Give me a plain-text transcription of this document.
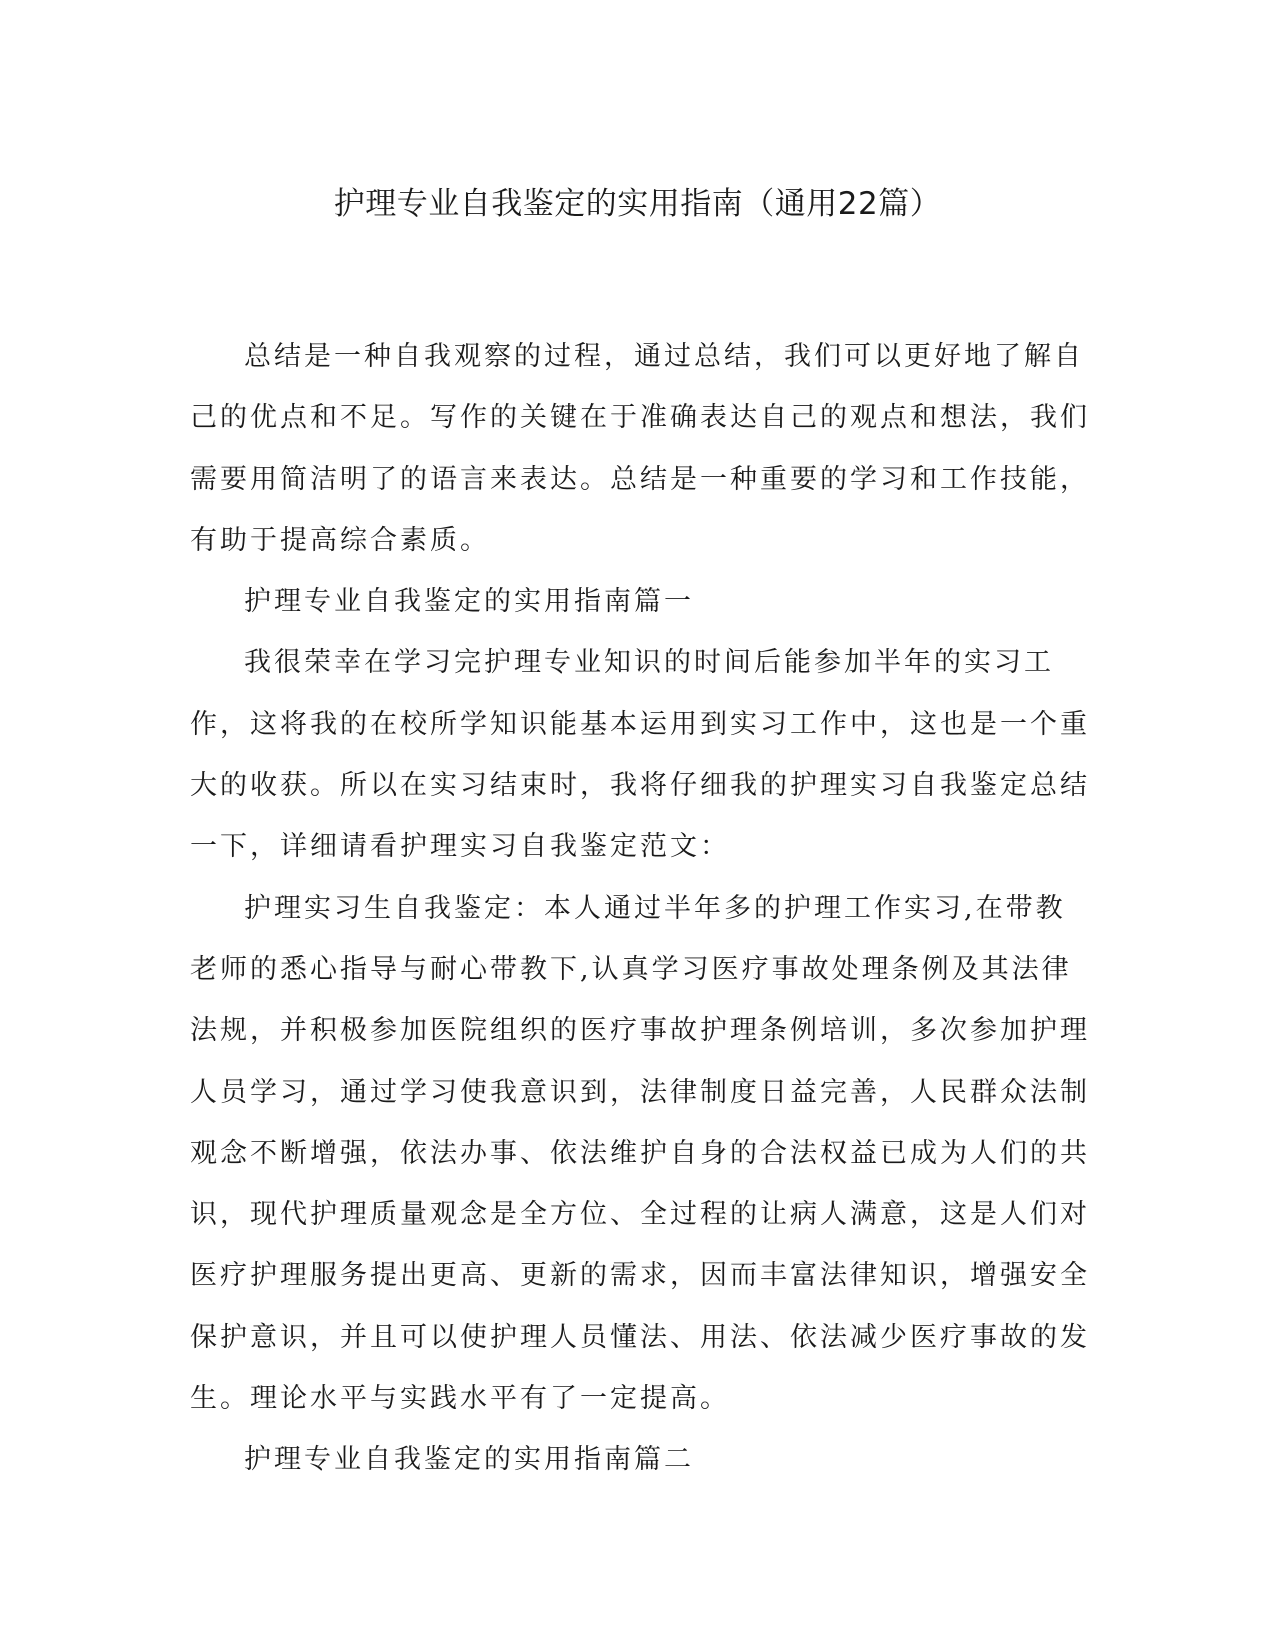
护理专业自我鉴定的实用指南（通用22篇）

总结是一种自我观察的过程，通过总结，我们可以更好地了解自己的优点和不足。写作的关键在于准确表达自己的观点和想法，我们需要用简洁明了的语言来表达。总结是一种重要的学习和工作技能，有助于提高综合素质。

护理专业自我鉴定的实用指南篇一

我很荣幸在学习完护理专业知识的时间后能参加半年的实习工作，这将我的在校所学知识能基本运用到实习工作中，这也是一个重大的收获。所以在实习结束时，我将仔细我的护理实习自我鉴定总结一下，详细请看护理实习自我鉴定范文：

护理实习生自我鉴定：本人通过半年多的护理工作实习,在带教老师的悉心指导与耐心带教下,认真学习医疗事故处理条例及其法律法规，并积极参加医院组织的医疗事故护理条例培训，多次参加护理人员学习，通过学习使我意识到，法律制度日益完善，人民群众法制观念不断增强，依法办事、依法维护自身的合法权益已成为人们的共识，现代护理质量观念是全方位、全过程的让病人满意，这是人们对医疗护理服务提出更高、更新的需求，因而丰富法律知识，增强安全保护意识，并且可以使护理人员懂法、用法、依法减少医疗事故的发生。理论水平与实践水平有了一定提高。

护理专业自我鉴定的实用指南篇二
